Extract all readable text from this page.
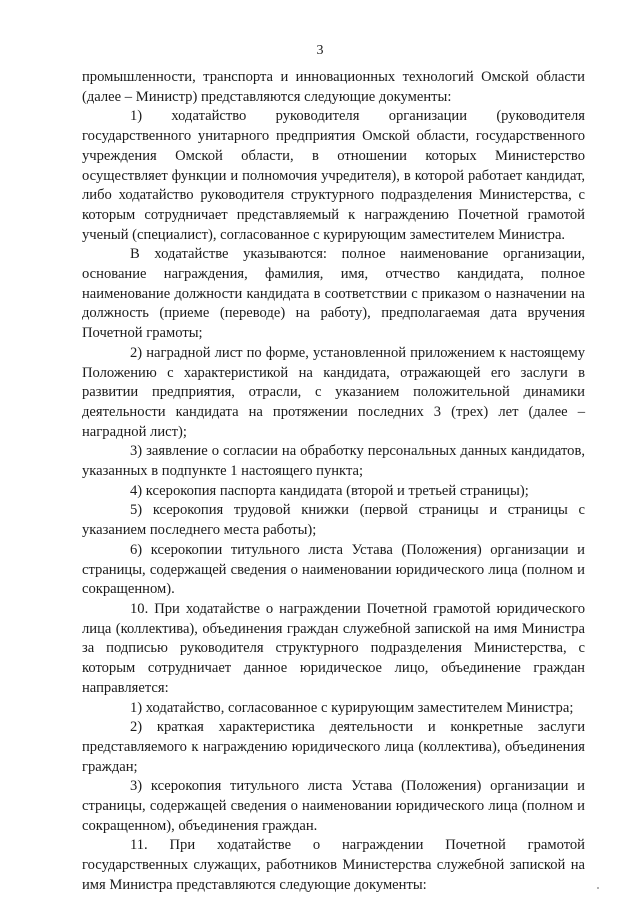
3

промышленности, транспорта и инновационных технологий Омской области (далее – Министр) представляются следующие документы:

1) ходатайство руководителя организации (руководителя государственного унитарного предприятия Омской области, государственного учреждения Омской области, в отношении которых Министерство осуществляет функции и полномочия учредителя), в которой работает кандидат, либо ходатайство руководителя структурного подразделения Министерства, с которым сотрудничает представляемый к награждению Почетной грамотой ученый (специалист), согласованное с курирующим заместителем Министра.

В ходатайстве указываются: полное наименование организации, основание награждения, фамилия, имя, отчество кандидата, полное наименование должности кандидата в соответствии с приказом о назначении на должность (приеме (переводе) на работу), предполагаемая дата вручения Почетной грамоты;

2) наградной лист по форме, установленной приложением к настоящему Положению с характеристикой на кандидата, отражающей его заслуги в развитии предприятия, отрасли, с указанием положительной динамики деятельности кандидата на протяжении последних 3 (трех) лет (далее – наградной лист);

3) заявление о согласии на обработку персональных данных кандидатов, указанных в подпункте 1 настоящего пункта;

4) ксерокопия паспорта кандидата (второй и третьей страницы);

5) ксерокопия трудовой книжки (первой страницы и страницы с указанием последнего места работы);

6) ксерокопии титульного листа Устава (Положения) организации и страницы, содержащей сведения о наименовании юридического лица (полном и сокращенном).

10. При ходатайстве о награждении Почетной грамотой юридического лица (коллектива), объединения граждан служебной запиской на имя Министра за подписью руководителя структурного подразделения Министерства, с которым сотрудничает данное юридическое лицо, объединение граждан направляется:

1) ходатайство, согласованное с курирующим заместителем Министра;

2) краткая характеристика деятельности и конкретные заслуги представляемого к награждению юридического лица (коллектива), объединения граждан;

3) ксерокопия титульного листа Устава (Положения) организации и страницы, содержащей сведения о наименовании юридического лица (полном и сокращенном), объединения граждан.

11. При ходатайстве о награждении Почетной грамотой государственных служащих, работников Министерства служебной запиской на имя Министра представляются следующие документы:
